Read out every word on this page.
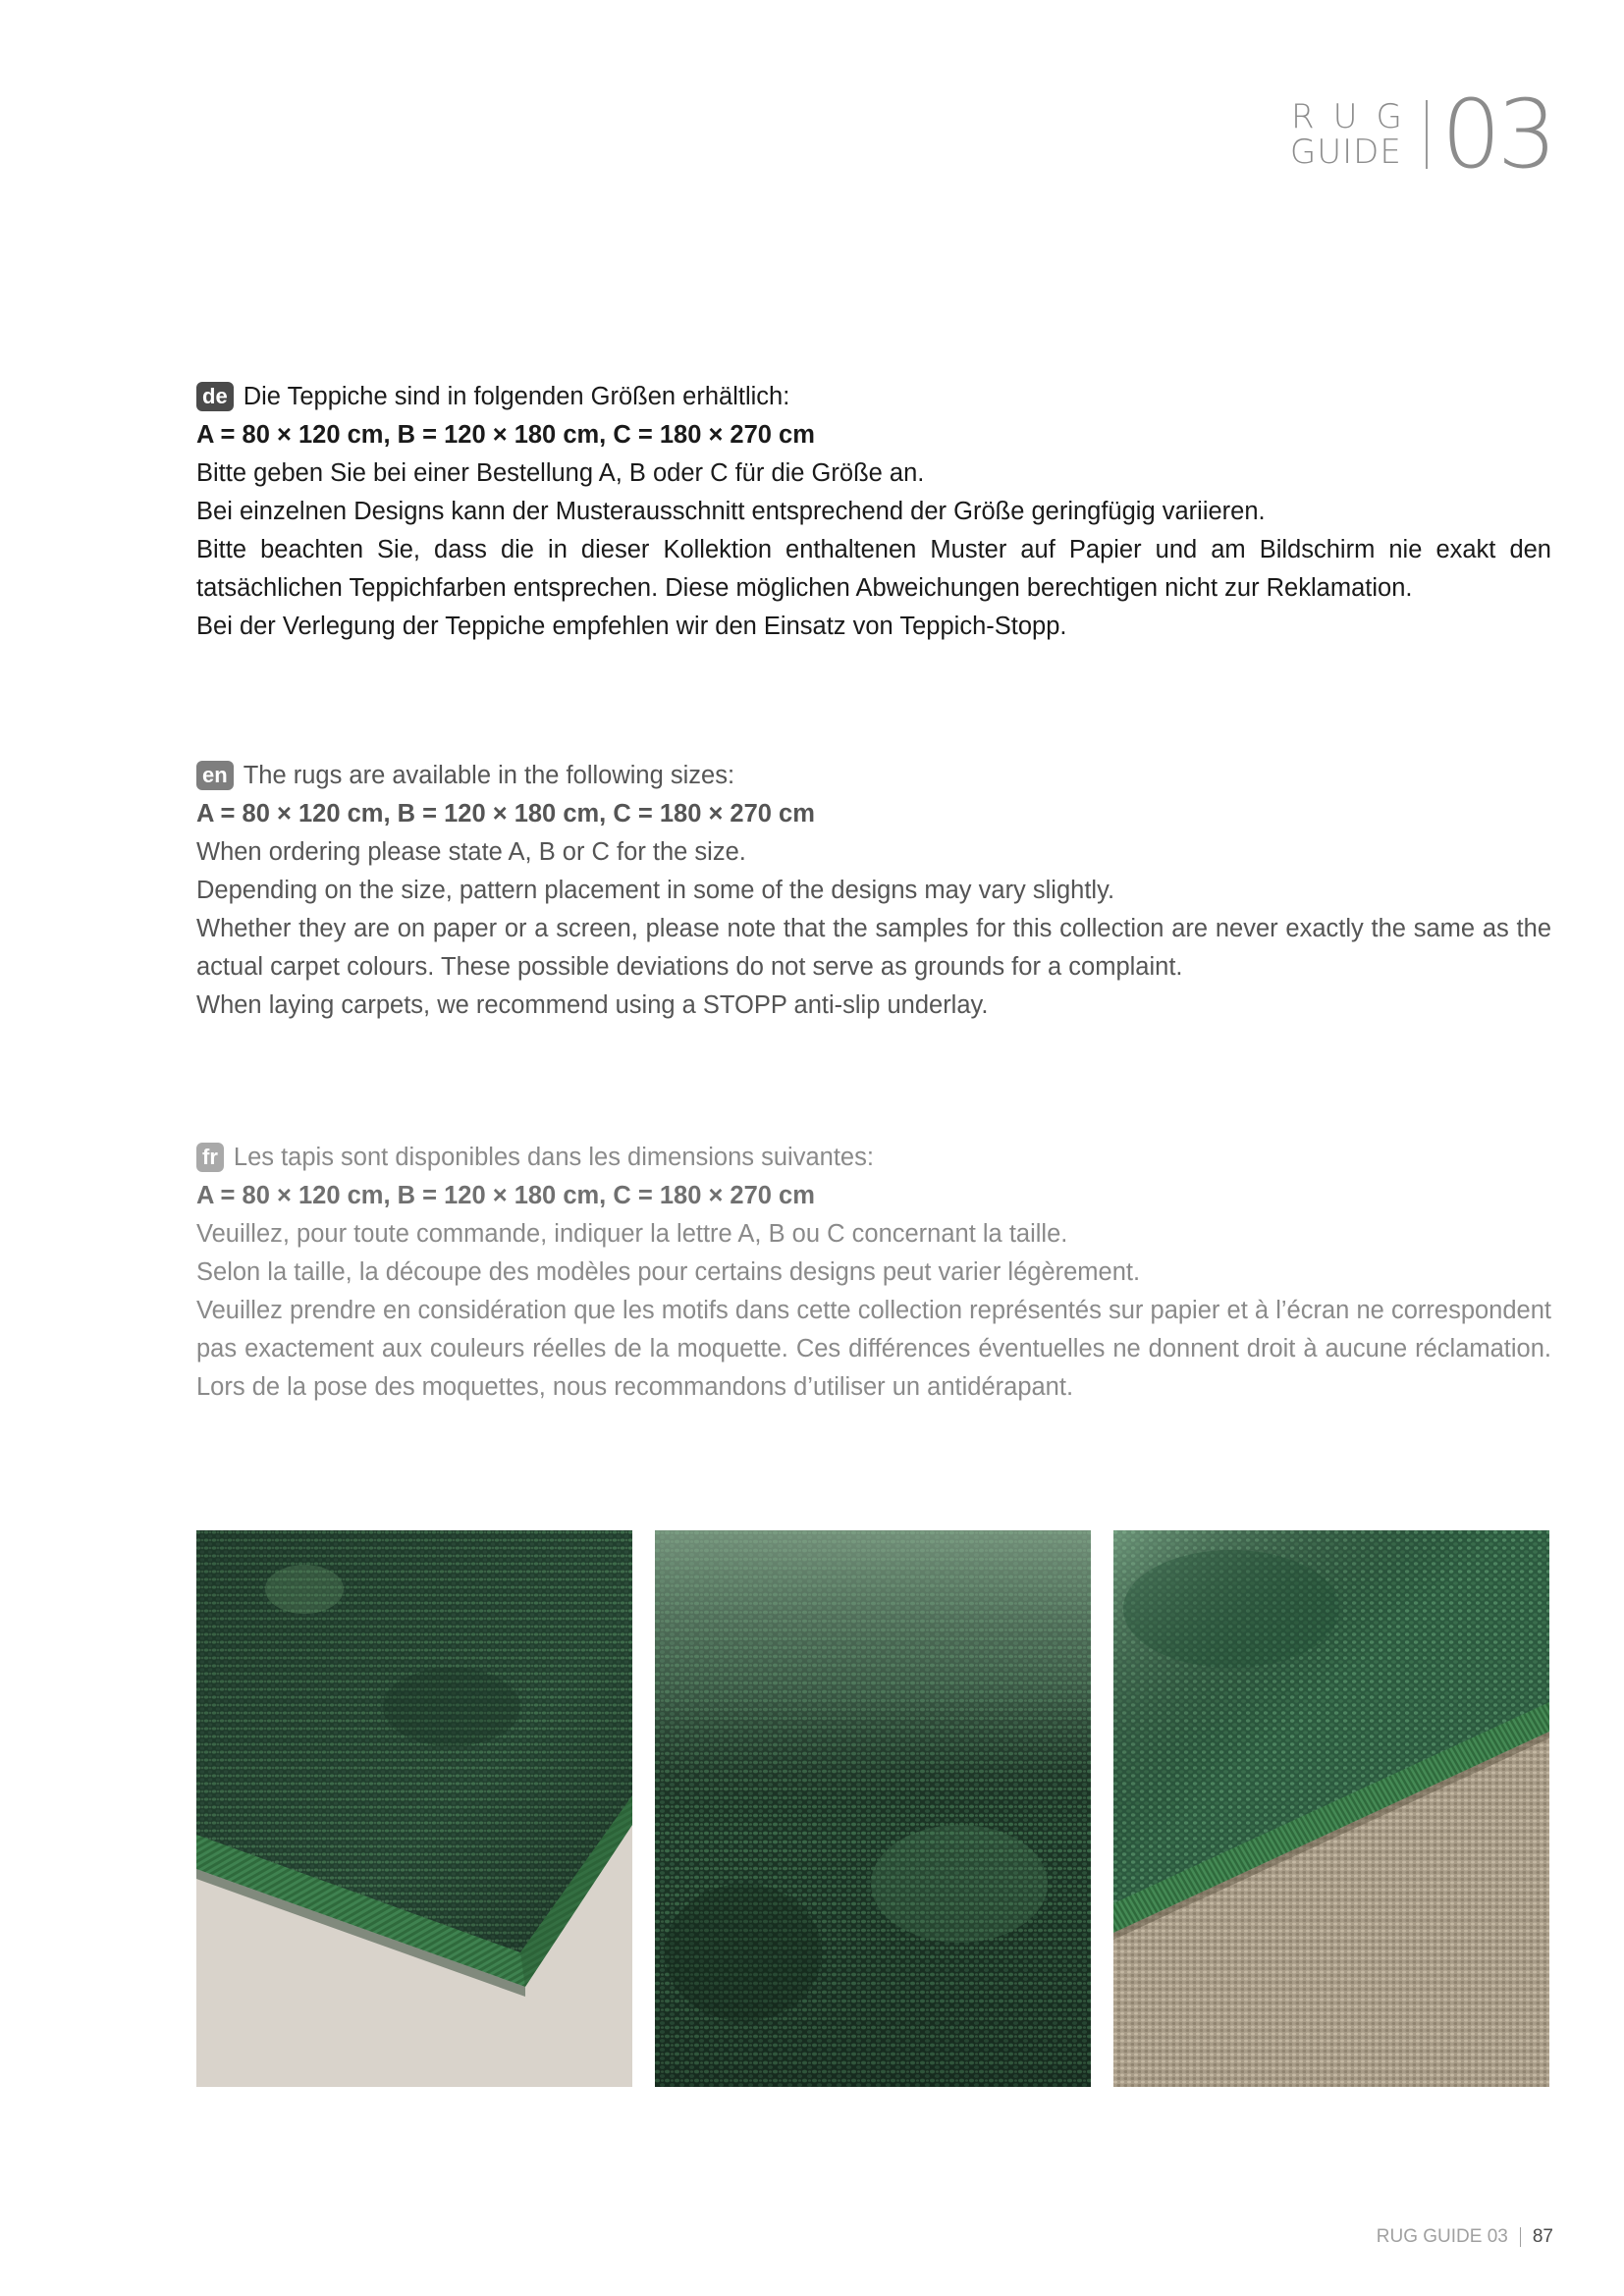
RUG
GUIDE 03

de Die Teppiche sind in folgenden Größen erhältlich:

A = 80 × 120 cm, B = 120 × 180 cm, C = 180 × 270 cm

Bitte geben Sie bei einer Bestellung A, B oder C für die Größe an.

Bei einzelnen Designs kann der Musterausschnitt entsprechend der Größe geringfügig variieren.

Bitte beachten Sie, dass die in dieser Kollektion enthaltenen Muster auf Papier und am Bildschirm nie exakt den tatsächlichen Teppichfarben entsprechen. Diese möglichen Abweichungen berechtigen nicht zur Reklamation.

Bei der Verlegung der Teppiche empfehlen wir den Einsatz von Teppich-Stopp.

en The rugs are available in the following sizes:

A = 80 × 120 cm, B = 120 × 180 cm, C = 180 × 270 cm

When ordering please state A, B or C for the size.

Depending on the size, pattern placement in some of the designs may vary slightly.

Whether they are on paper or a screen, please note that the samples for this collection are never exactly the same as the actual carpet colours. These possible deviations do not serve as grounds for a complaint.

When laying carpets, we recommend using a STOPP anti-slip underlay.

fr Les tapis sont disponibles dans les dimensions suivantes:

A = 80 × 120 cm, B = 120 × 180 cm, C = 180 × 270 cm

Veuillez, pour toute commande, indiquer la lettre A, B ou C concernant la taille.

Selon la taille, la découpe des modèles pour certains designs peut varier légèrement.

Veuillez prendre en considération que les motifs dans cette collection représentés sur papier et à l’écran ne correspondent pas exactement aux couleurs réelles de la moquette. Ces différences éventuelles ne donnent droit à aucune réclamation. Lors de la pose des moquettes, nous recommandons d’utiliser un antidérapant.

RUG GUIDE 03 87
